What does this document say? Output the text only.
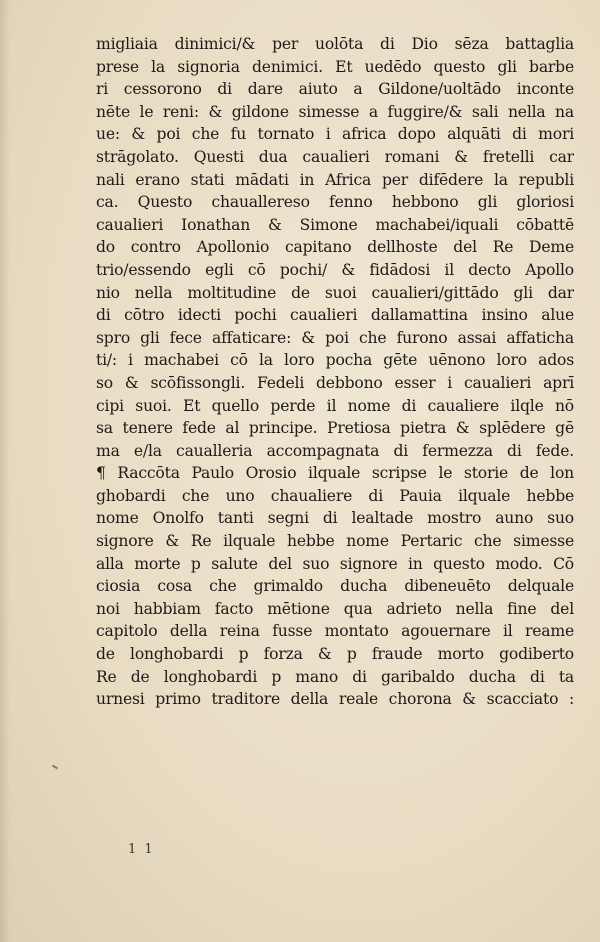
migliaia dinimici/& per uolōta di Dio sēza battaglia
prese la signoria denimici. Et uedēdo questo gli barbe
ri cessorono di dare aiuto a Gildone/uoltādo inconte
nēte le reni: & gildone simesse a fuggire/& sali nella na
ue: & poi che fu tornato i africa dopo alquāti di mori
strāgolato. Questi dua caualieri romani & fretelli car
nali erano stati mādati in Africa per difēdere la republi
ca. Questo chauallereso fenno hebbono gli gloriosi
caualieri Ionathan & Simone machabei/iquali cōbattē
do contro Apollonio capitano dellhoste del Re Deme
trio/essendo egli cō pochi/ & fidādosi il decto Apollo
nio nella moltitudine de suoi caualieri/gittādo gli dar
di cōtro idecti pochi caualieri dallamattina insino alue
spro gli fece affaticare: & poi che furono assai affaticha
ti/: i machabei cō la loro pocha gēte uēnono loro ados
so & scōfissongli. Fedeli debbono esser i caualieri aprī
cipi suoi. Et quello perde il nome di caualiere ilqle nō
sa tenere fede al principe. Pretiosa pietra & splēdere gē
ma e/la caualleria accompagnata di fermezza di fede.
¶ Raccōta Paulo Orosio ilquale scripse le storie de lon
ghobardi che uno chaualiere di Pauia ilquale hebbe
nome Onolfo tanti segni di lealtade mostro auno suo
signore & Re ilquale hebbe nome Pertaric che simesse
alla morte p salute del suo signore in questo modo. Cō
ciosia cosa che grimaldo ducha dibeneuēto delquale
noi habbiam facto mētione qua adrieto nella fine del
capitolo della reina fusse montato agouernare il reame
de longhobardi p forza & p fraude morto godiberto
Re de longhobardi p mano di garibaldo ducha di ta
urnesi primo traditore della reale chorona & scacciato :
1 1
